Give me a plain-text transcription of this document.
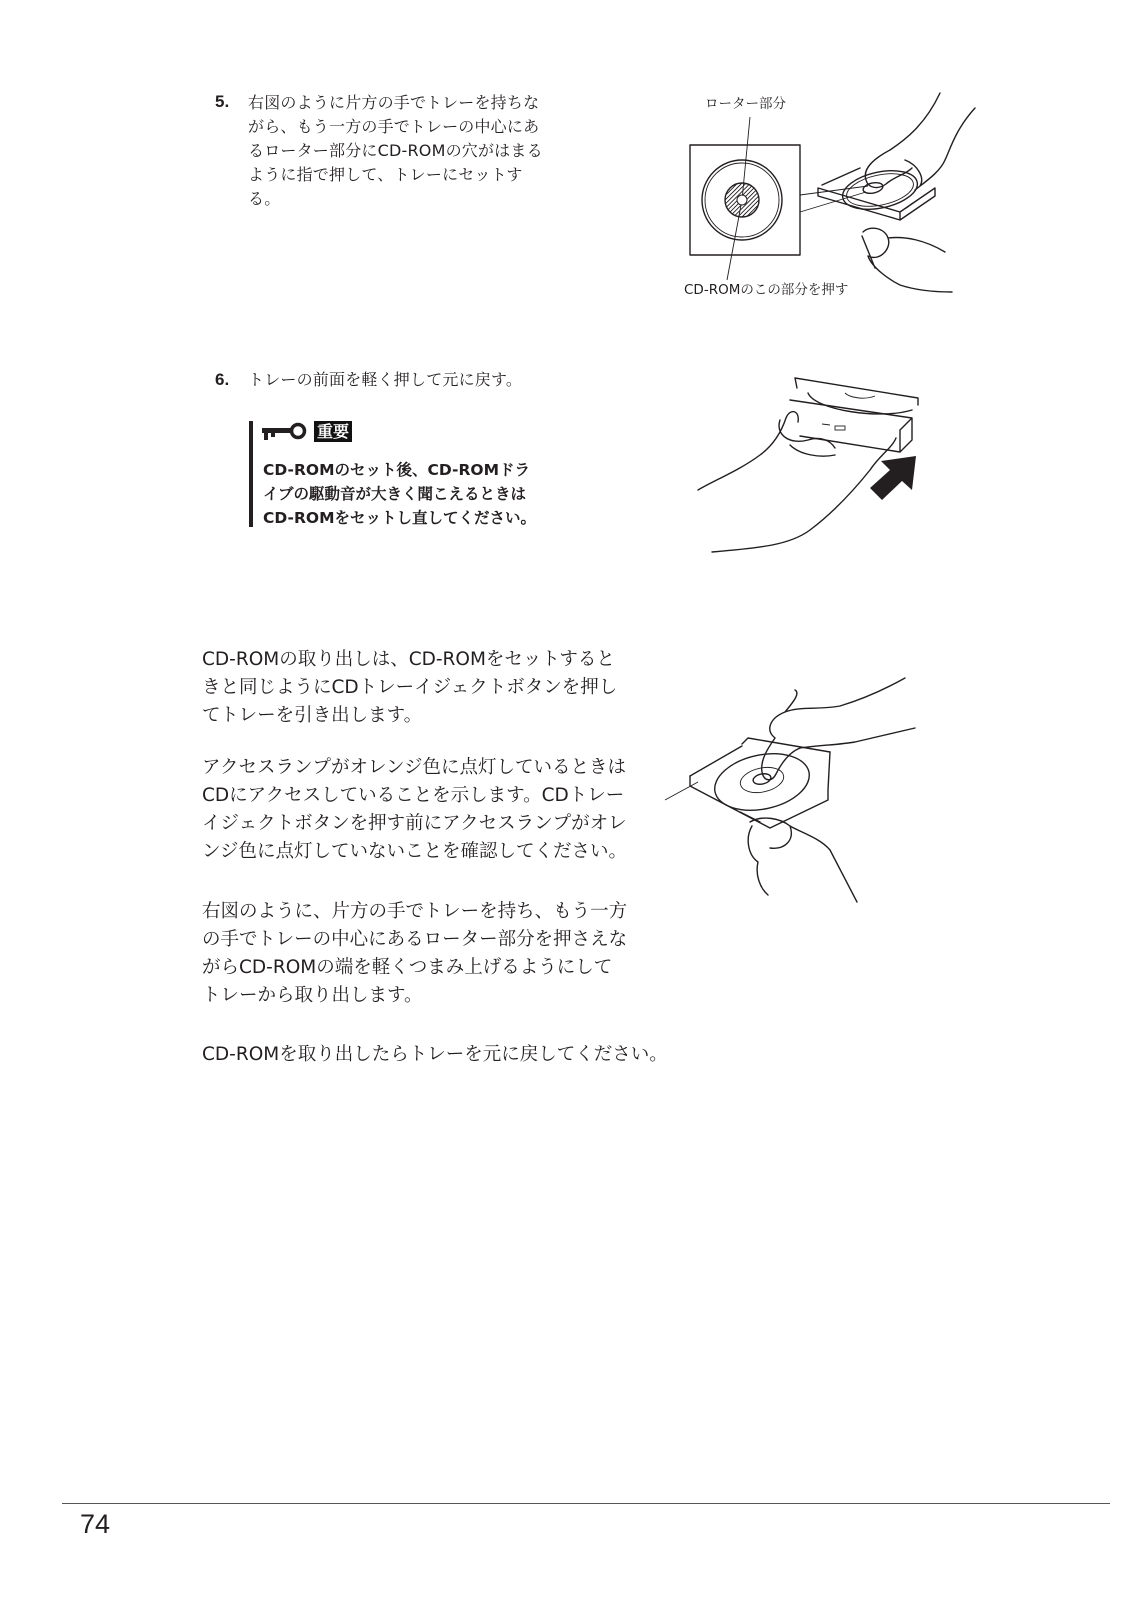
5. 右図のように片方の手でトレーを持ちな
がら、もう一方の手でトレーの中心にあ
るローター部分にCD-ROMの穴がはまる
ように指で押して、トレーにセットす
る。
ローター部分
CD-ROMのこの部分を押す
6. トレーの前面を軽く押して元に戻す。
重要
CD-ROMのセット後、CD-ROMドラ
イブの駆動音が大きく聞こえるときは
CD-ROMをセットし直してください。
CD-ROMの取り出しは、CD-ROMをセットすると
きと同じようにCDトレーイジェクトボタンを押し
てトレーを引き出します。
アクセスランプがオレンジ色に点灯しているときは
CDにアクセスしていることを示します。CDトレー
イジェクトボタンを押す前にアクセスランプがオレ
ンジ色に点灯していないことを確認してください。
右図のように、片方の手でトレーを持ち、もう一方
の手でトレーの中心にあるローター部分を押さえな
がらCD-ROMの端を軽くつまみ上げるようにして
トレーから取り出します。
CD-ROMを取り出したらトレーを元に戻してください。
74
